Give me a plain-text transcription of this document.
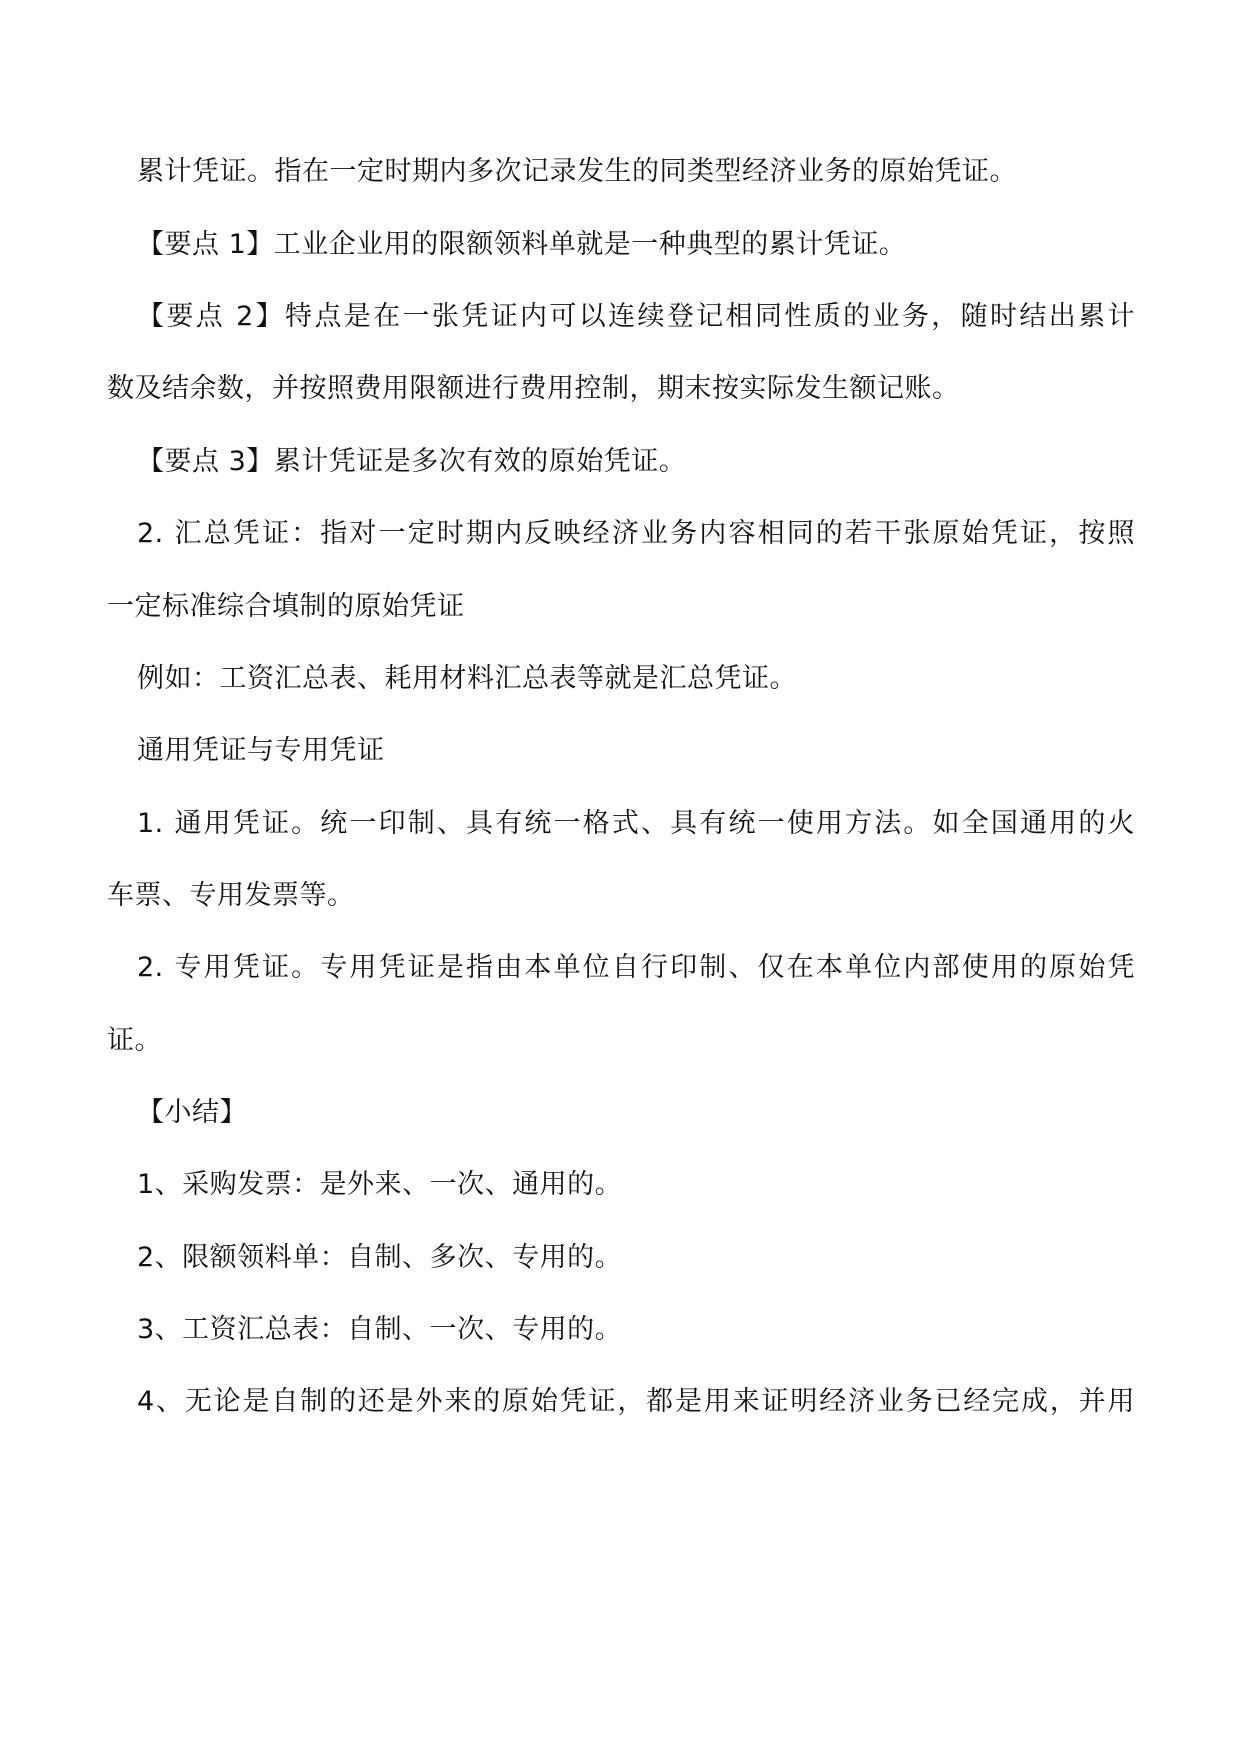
累计凭证。指在一定时期内多次记录发生的同类型经济业务的原始凭证。
【要点 1】工业企业用的限额领料单就是一种典型的累计凭证。
【要点 2】特点是在一张凭证内可以连续登记相同性质的业务，随时结出累计
数及结余数，并按照费用限额进行费用控制，期末按实际发生额记账。
【要点 3】累计凭证是多次有效的原始凭证。
2. 汇总凭证：指对一定时期内反映经济业务内容相同的若干张原始凭证，按照
一定标准综合填制的原始凭证
例如：工资汇总表、耗用材料汇总表等就是汇总凭证。
通用凭证与专用凭证
1. 通用凭证。统一印制、具有统一格式、具有统一使用方法。如全国通用的火
车票、专用发票等。
2. 专用凭证。专用凭证是指由本单位自行印制、仅在本单位内部使用的原始凭
证。
【小结】
1、采购发票：是外来、一次、通用的。
2、限额领料单：自制、多次、专用的。
3、工资汇总表：自制、一次、专用的。
4、无论是自制的还是外来的原始凭证，都是用来证明经济业务已经完成，并用
